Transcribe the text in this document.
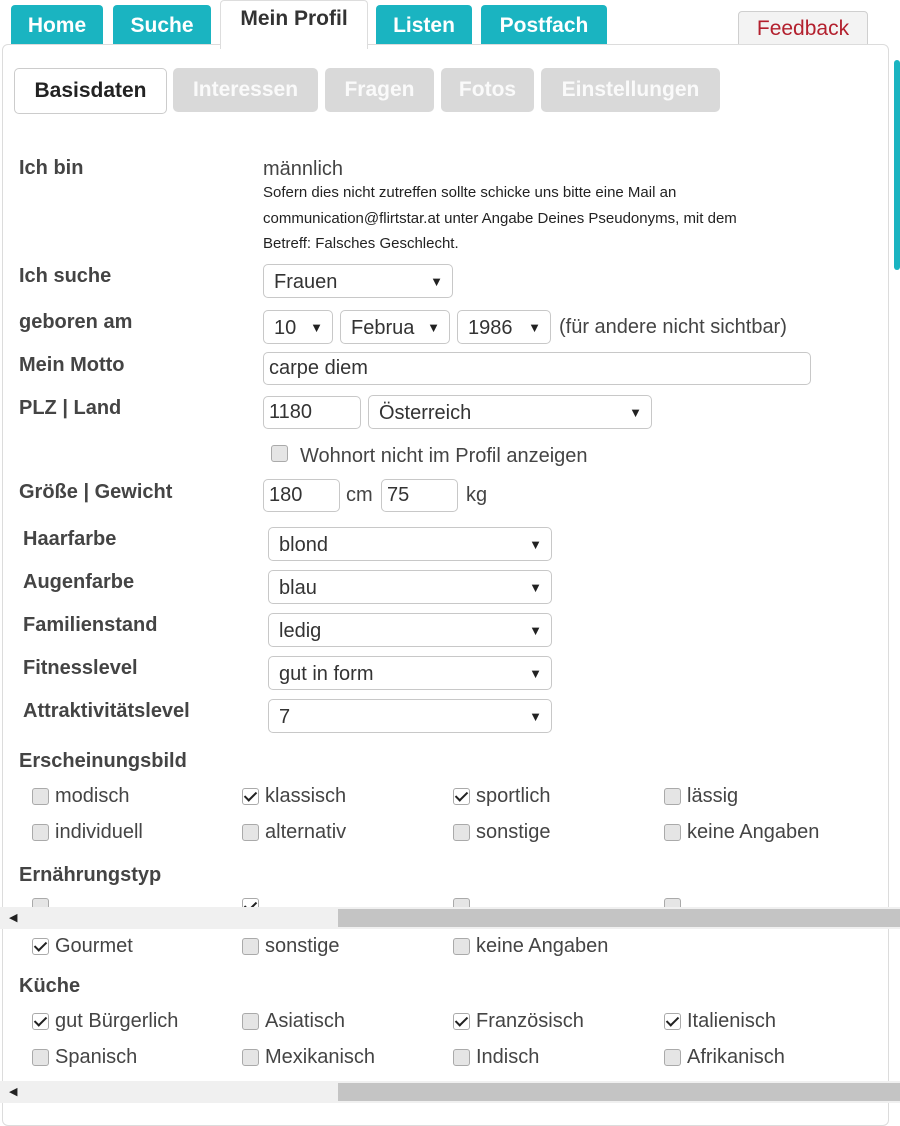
Home	Suche	Mein Profil	Listen	Postfach	Feedback
Basisdaten	Interessen	Fragen	Fotos	Einstellungen
Ich bin	männlich
Sofern dies nicht zutreffen sollte schicke uns bitte eine Mail an
communication@flirtstar.at unter Angabe Deines Pseudonyms, mit dem
Betreff: Falsches Geschlecht.
Ich suche	Frauen	▼
geboren am	10 ▼	Februa ▼	1986 ▼ (für andere nicht sichtbar)
Mein Motto	carpe diem
PLZ | Land	1180	Österreich	▼
Wohnort nicht im Profil anzeigen
Größe | Gewicht	180	cm 75	kg
Haarfarbe	blond	▼
Augenfarbe	blau	▼
Familienstand	ledig	▼
Fitnesslevel	gut in form	▼
Attraktivitätslevel	7	▼
Erscheinungsbild
modisch	klassisch	sportlich	lässig
individuell	alternativ	sonstige	keine Angaben
Ernährungstyp
◀
Gourmet	sonstige	keine Angaben
Küche
gut Bürgerlich	Asiatisch	Französisch	Italienisch
Spanisch	Mexikanisch	Indisch	Afrikanisch
◀
